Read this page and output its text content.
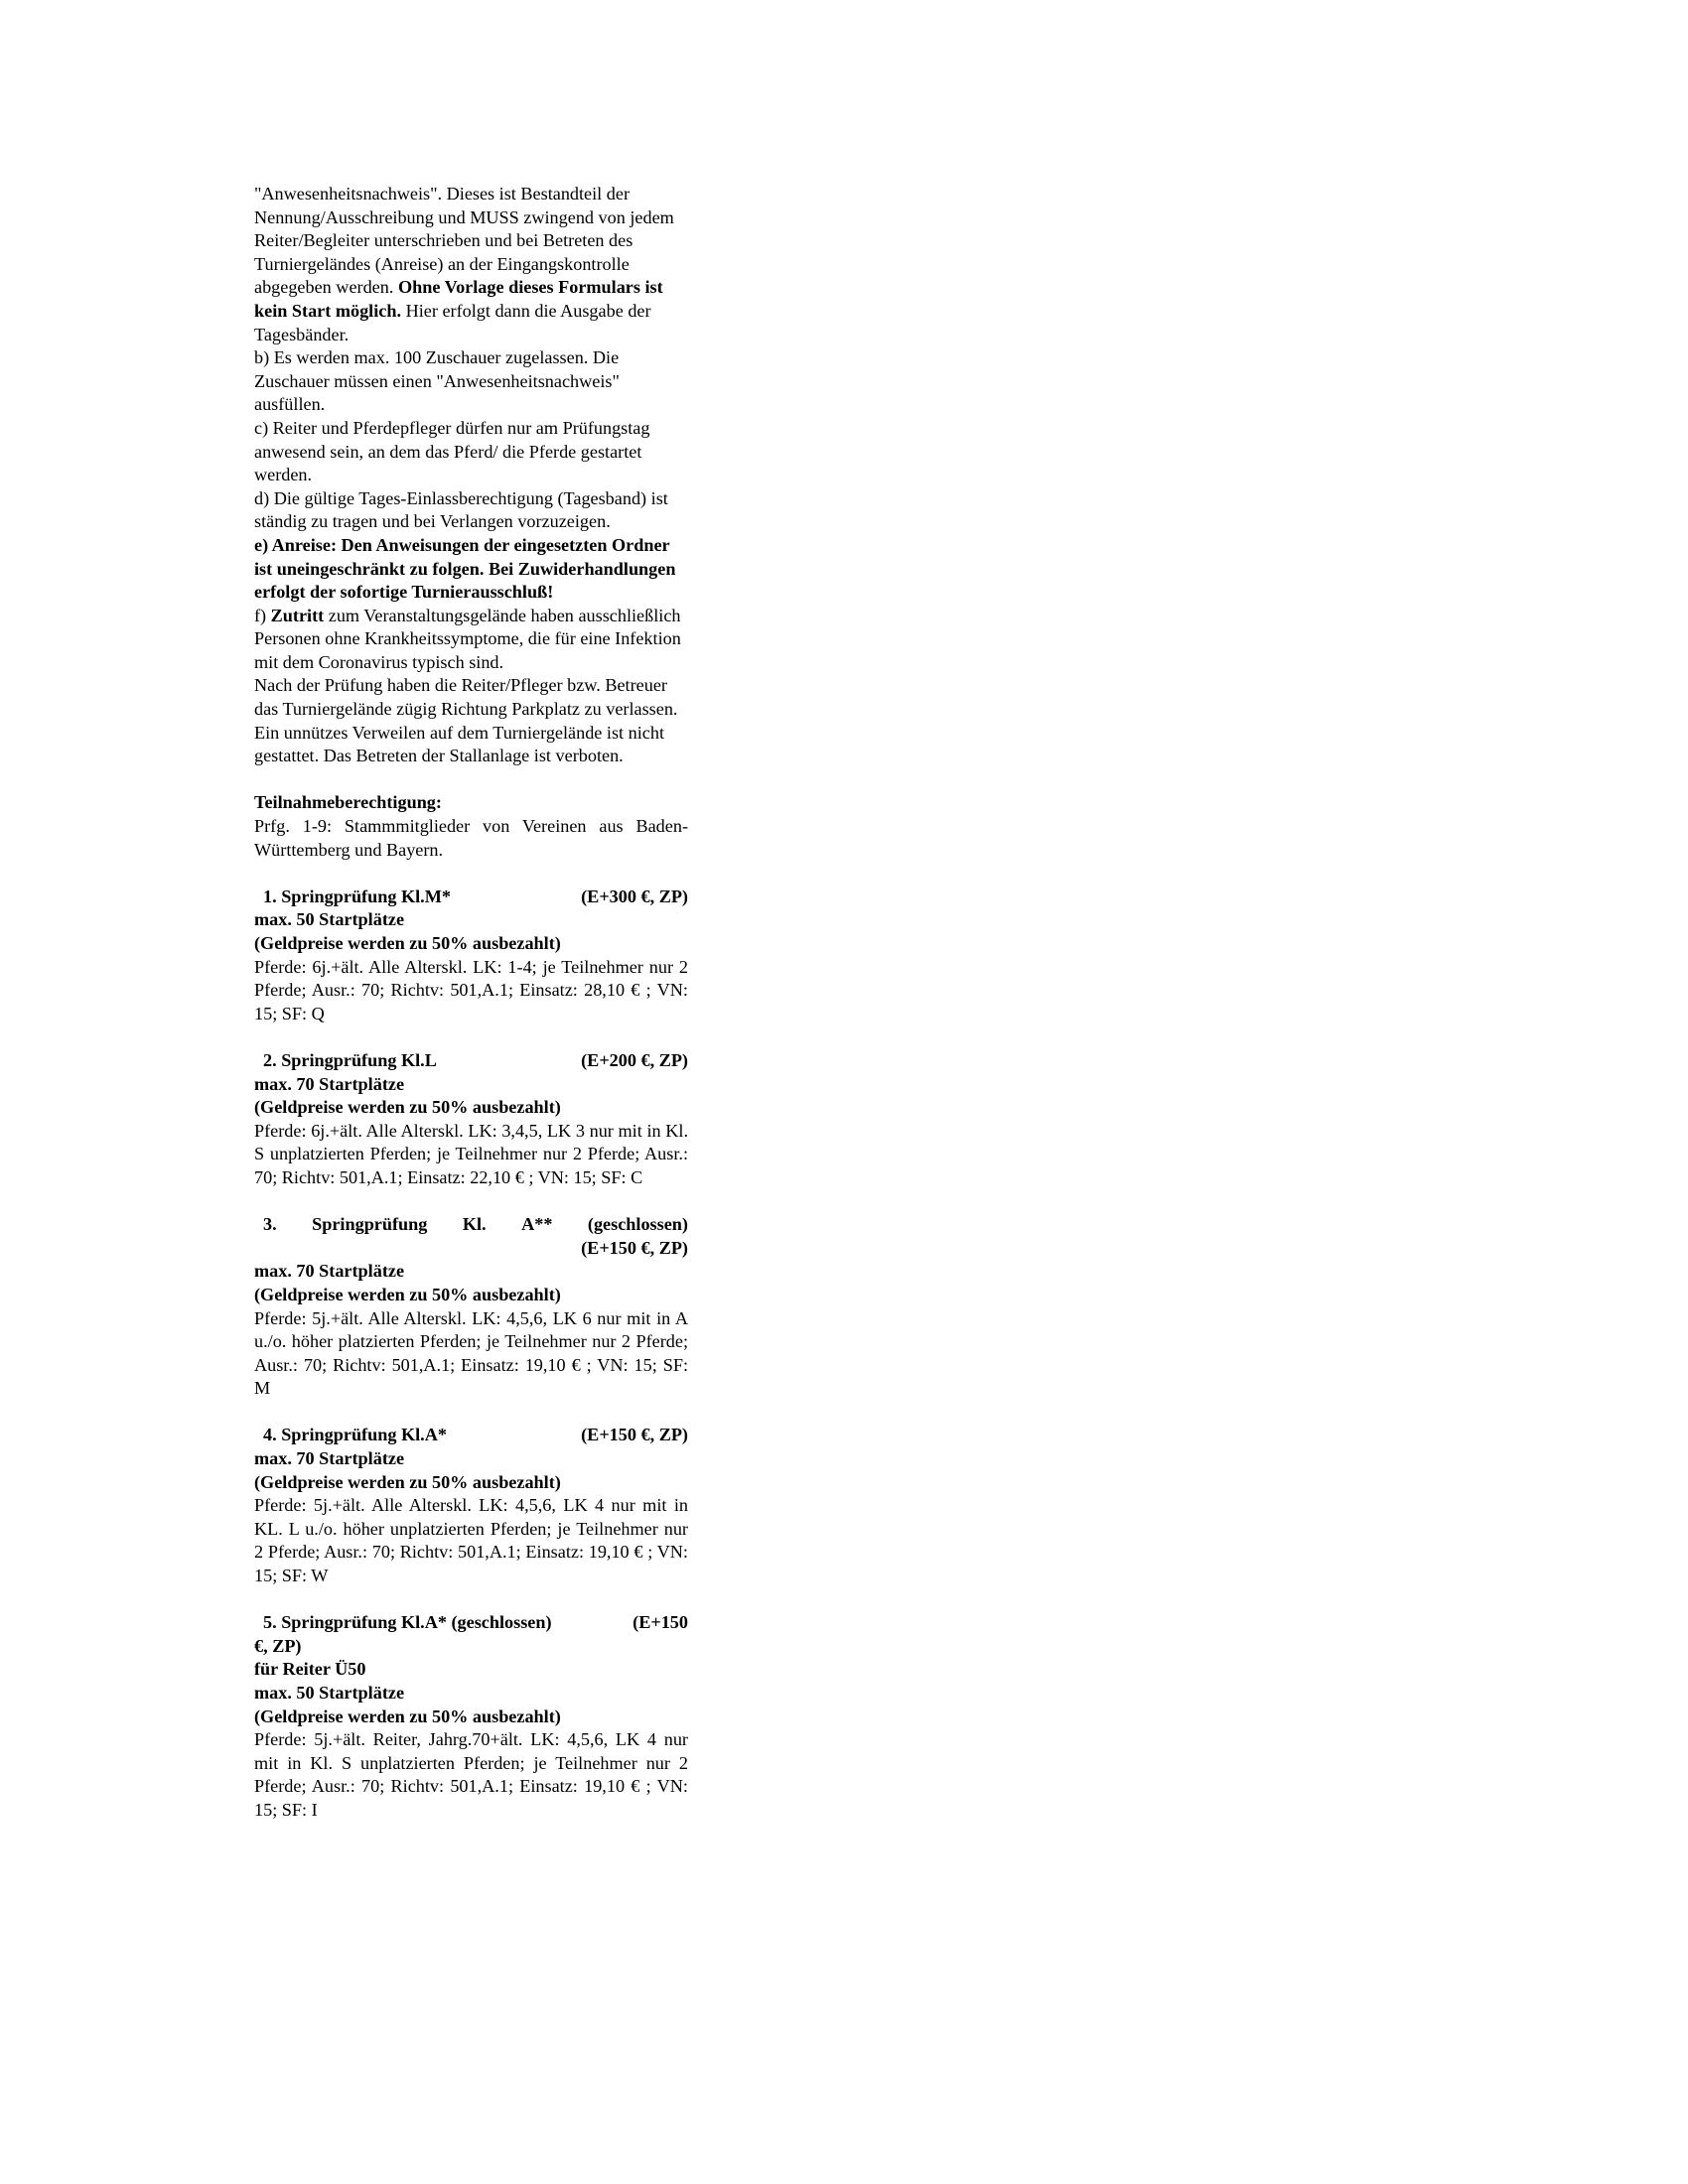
"Anwesenheitsnachweis". Dieses ist Bestandteil der Nennung/Ausschreibung und MUSS zwingend von jedem Reiter/Begleiter unterschrieben und bei Betreten des Turniergeländes (Anreise) an der Eingangskontrolle abgegeben werden. Ohne Vorlage dieses Formulars ist kein Start möglich. Hier erfolgt dann die Ausgabe der Tagesbänder.

b) Es werden max. 100 Zuschauer zugelassen. Die Zuschauer müssen einen "Anwesenheitsnachweis" ausfüllen.

c) Reiter und Pferdepfleger dürfen nur am Prüfungstag anwesend sein, an dem das Pferd/ die Pferde gestartet werden.

d) Die gültige Tages-Einlassberechtigung (Tagesband) ist ständig zu tragen und bei Verlangen vorzuzeigen.

e) Anreise: Den Anweisungen der eingesetzten Ordner ist uneingeschränkt zu folgen. Bei Zuwiderhandlungen erfolgt der sofortige Turnierausschluß!

f) Zutritt zum Veranstaltungsgelände haben ausschließlich Personen ohne Krankheitssymptome, die für eine Infektion mit dem Coronavirus typisch sind.

Nach der Prüfung haben die Reiter/Pfleger bzw. Betreuer das Turniergelände zügig Richtung Parkplatz zu verlassen. Ein unnützes Verweilen auf dem Turniergelände ist nicht gestattet. Das Betreten der Stallanlage ist verboten.

Teilnahmeberechtigung:

Prfg. 1-9: Stammmitglieder von Vereinen aus Baden-Württemberg und Bayern.

1. Springprüfung Kl.M*	(E+300 €, ZP)

max. 50 Startplätze

(Geldpreise werden zu 50% ausbezahlt)

Pferde: 6j.+ält. Alle Alterskl. LK: 1-4; je Teilnehmer nur 2 Pferde; Ausr.: 70; Richtv: 501,A.1; Einsatz: 28,10 € ; VN: 15; SF: Q

2. Springprüfung Kl.L	(E+200 €, ZP)

max. 70 Startplätze

(Geldpreise werden zu 50% ausbezahlt)

Pferde: 6j.+ält. Alle Alterskl. LK: 3,4,5, LK 3 nur mit in Kl. S unplatzierten Pferden; je Teilnehmer nur 2 Pferde; Ausr.: 70; Richtv: 501,A.1; Einsatz: 22,10 € ; VN: 15; SF: C

3. Springprüfung Kl. A** (geschlossen)
(E+150 €, ZP)

max. 70 Startplätze

(Geldpreise werden zu 50% ausbezahlt)

Pferde: 5j.+ält. Alle Alterskl. LK: 4,5,6, LK 6 nur mit in A u./o. höher platzierten Pferden; je Teilnehmer nur 2 Pferde; Ausr.: 70; Richtv: 501,A.1; Einsatz: 19,10 € ; VN: 15; SF: M

4. Springprüfung Kl.A*	(E+150 €, ZP)

max. 70 Startplätze

(Geldpreise werden zu 50% ausbezahlt)

Pferde: 5j.+ält. Alle Alterskl. LK: 4,5,6, LK 4 nur mit in KL. L u./o. höher unplatzierten Pferden; je Teilnehmer nur 2 Pferde; Ausr.: 70; Richtv: 501,A.1; Einsatz: 19,10 € ; VN: 15; SF: W

5. Springprüfung Kl.A* (geschlossen)	(E+150

€, ZP)

für Reiter Ü50

max. 50 Startplätze

(Geldpreise werden zu 50% ausbezahlt)

Pferde: 5j.+ält. Reiter, Jahrg.70+ält. LK: 4,5,6, LK 4 nur mit in Kl. S unplatzierten Pferden; je Teilnehmer nur 2 Pferde; Ausr.: 70; Richtv: 501,A.1; Einsatz: 19,10 € ; VN: 15; SF: I
